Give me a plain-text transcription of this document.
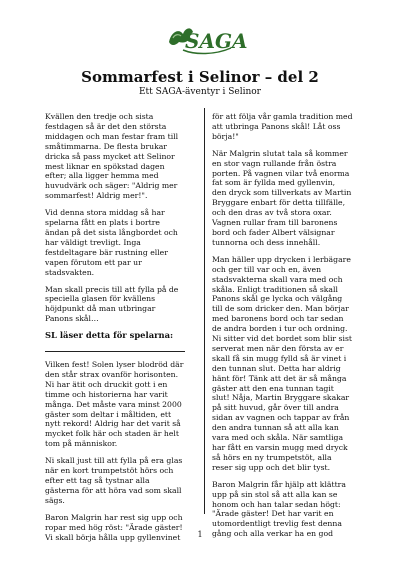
SAGA
Sommarfest i Selinor – del 2
Ett SAGA-äventyr i Selinor

Kvällen den tredje och sista
festdagen så är det den största
middagen och man festar fram till
småtimmarna. De flesta brukar
dricka så pass mycket att Selinor
mest liknar en spökstad dagen
efter; alla ligger hemma med
huvudvärk och säger: "Aldrig mer
sommarfest! Aldrig mer!".

Vid denna stora middag så har
spelarna fått en plats i bortre
ändan på det sista långbordet och
har väldigt trevligt. Inga
festdeltagare bär rustning eller
vapen förutom ett par ur
stadsvakten.

Man skall precis till att fylla på de
speciella glasen för kvällens
höjdpunkt då man utbringar
Panons skål…

SL läser detta för spelarna:

Vilken fest! Solen lyser blodröd där
den står strax ovanför horisonten.
Ni har ätit och druckit gott i en
timme och historierna har varit
många. Det måste vara minst 2000
gäster som deltar i måltiden, ett
nytt rekord! Aldrig har det varit så
mycket folk här och staden är helt
tom på människor.

Ni skall just till att fylla på era glas
när en kort trumpetstöt hörs och
efter ett tag så tystnar alla
gästerna för att höra vad som skall
sägs.

Baron Malgrin har rest sig upp och
ropar med hög röst: "Ärade gäster!
Vi skall börja hålla upp gyllenvinet

för att följa vår gamla tradition med
att utbringa Panons skål! Låt oss
börja!"

När Malgrin slutat tala så kommer
en stor vagn rullande från östra
porten. På vagnen vilar två enorma
fat som är fyllda med gyllenvin,
den dryck som tillverkats av Martin
Bryggare enbart för detta tillfälle,
och den dras av två stora oxar.
Vagnen rullar fram till baronens
bord och fader Albert välsignar
tunnorna och dess innehåll.

Man häller upp drycken i lerbägare
och ger till var och en, även
stadsvakterna skall vara med och
skåla. Enligt traditionen så skall
Panons skål ge lycka och välgång
till de som dricker den. Man börjar
med baronens bord och tar sedan
de andra borden i tur och ordning.
Ni sitter vid det bordet som blir sist
serverat men när den första av er
skall få sin mugg fylld så är vinet i
den tunnan slut. Detta har aldrig
hänt för! Tänk att det är så många
gäster att den ena tunnan tagit
slut! Nåja, Martin Bryggare skakar
på sitt huvud, går över till andra
sidan av vagnen och tappar av från
den andra tunnan så att alla kan
vara med och skåla. När samtliga
har fått en varsin mugg med dryck
så hörs en ny trumpetstöt, alla
reser sig upp och det blir tyst.

Baron Malgrin får hjälp att klättra
upp på sin stol så att alla kan se
honom och han talar sedan högt:
"Ärade gäster! Det har varit en
utomordentligt trevlig fest denna
gång och alla verkar ha en god

1
